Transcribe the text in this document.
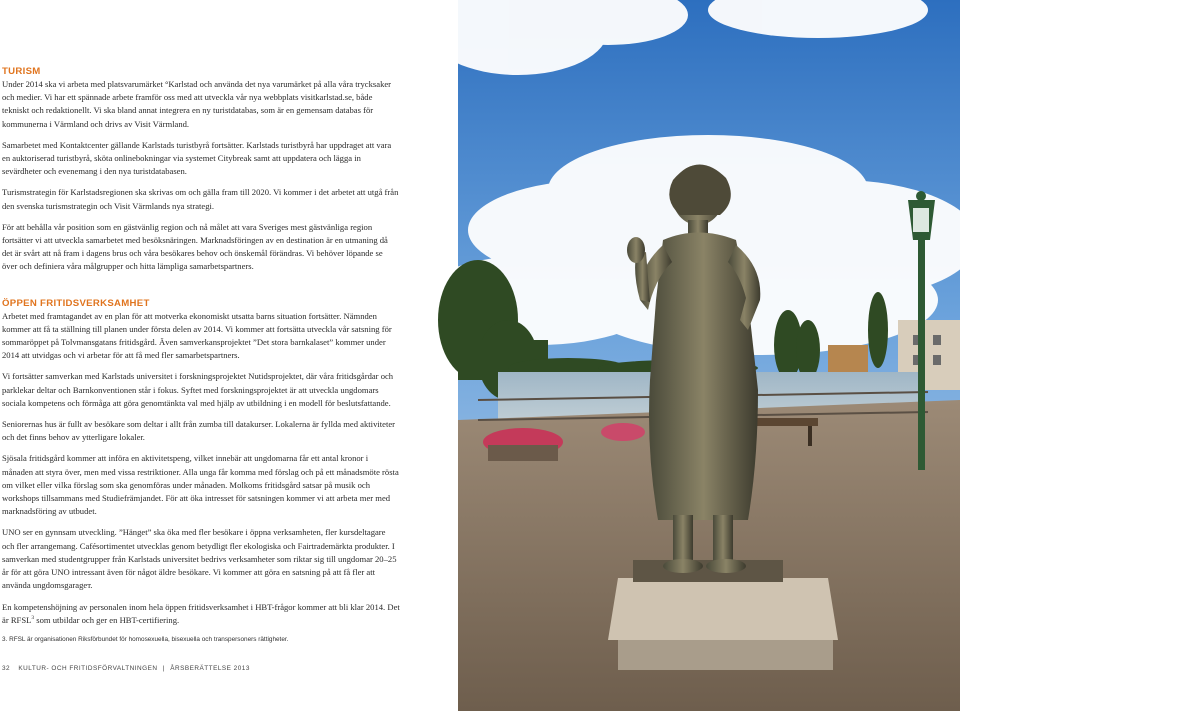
TURISM

Under 2014 ska vi arbeta med platsvarumärket °Karlstad och använda det nya varumärket på alla våra trycksaker och medier. Vi har ett spännade arbete framför oss med att utveckla vår nya webbplats visitkarlstad.se, både tekniskt och redaktionellt. Vi ska bland annat integrera en ny turistdatabas, som är en gemensam databas för kommunerna i Värmland och drivs av Visit Värmland.

Samarbetet med Kontaktcenter gällande Karlstads turistbyrå fortsätter. Karlstads turistbyrå har uppdraget att vara en auktoriserad turistbyrå, sköta onlinebokningar via systemet Citybreak samt att uppdatera och lägga in sevärdheter och evenemang i den nya turistdatabasen.

Turismstrategin för Karlstadsregionen ska skrivas om och gälla fram till 2020. Vi kommer i det arbetet att utgå från den svenska turismstrategin och Visit Värmlands nya strategi.

För att behålla vår position som en gästvänlig region och nå målet att vara Sveriges mest gästvänliga region fortsätter vi att utveckla samarbetet med besöksnäringen. Marknadsföringen av en destination är en utmaning då det är svårt att nå fram i dagens brus och våra besökares behov och önskemål förändras. Vi behöver löpande se över och definiera våra målgrupper och hitta lämpliga samarbetspartners.

ÖPPEN FRITIDSVERKSAMHET

Arbetet med framtagandet av en plan för att motverka ekonomiskt utsatta barns situation fortsätter. Nämnden kommer att få ta ställning till planen under första delen av 2014. Vi kommer att fortsätta utveckla vår satsning för sommaröppet på Tolvmansgatans fritidsgård. Även samverkansprojektet ”Det stora barnkalaset” kommer under 2014 att utvidgas och vi arbetar för att få med fler samarbetspartners.

Vi fortsätter samverkan med Karlstads universitet i forskningsprojektet Nutidsprojektet, där våra fritidsgårdar och parklekar deltar och Barnkonventionen står i fokus. Syftet med forskningsprojektet är att utveckla ungdomars sociala kompetens och förmåga att göra genomtänkta val med hjälp av utbildning i en modell för beslutsfattande.

Seniorernas hus är fullt av besökare som deltar i allt från zumba till datakurser. Lokalerna är fyllda med aktiviteter och det finns behov av ytterligare lokaler.

Sjösala fritidsgård kommer att införa en aktivitetspeng, vilket innebär att ungdomarna får ett antal kronor i månaden att styra över, men med vissa restriktioner. Alla unga får komma med förslag och på ett månadsmöte rösta om vilket eller vilka förslag som ska genomföras under månaden. Molkoms fritidsgård satsar på musik och workshops tillsammans med Studiefrämjandet. För att öka intresset för satsningen kommer vi att arbeta mer med marknadsföring av utbudet.

UNO ser en gynnsam utveckling. ”Hänget” ska öka med fler besökare i öppna verksamheten, fler kursdeltagare och fler arrangemang. Cafésortimentet utvecklas genom betydligt fler ekologiska och Fairtrademärkta produkter. I samverkan med studentgrupper från Karlstads universitet bedrivs verksamheter som riktar sig till ungdomar 20–25 år för att göra UNO intressant även för något äldre besökare. Vi kommer att göra en satsning på att få fler att använda ungdomsgarageт.

En kompetenshöjning av personalen inom hela öppen fritidsverksamhet i HBT-frågor kommer att bli klar 2014. Det är RFSL$^3$ som utbildar och ger en HBT-certifiering.

3. RFSL är organisationen Riksförbundet för homosexuella, bisexuella och transpersoners rättigheter.
32 KULTUR- OCH FRITIDSFÖRVALTNINGEN | ÅRSBERÄTTELSE 2013
BILAGA
